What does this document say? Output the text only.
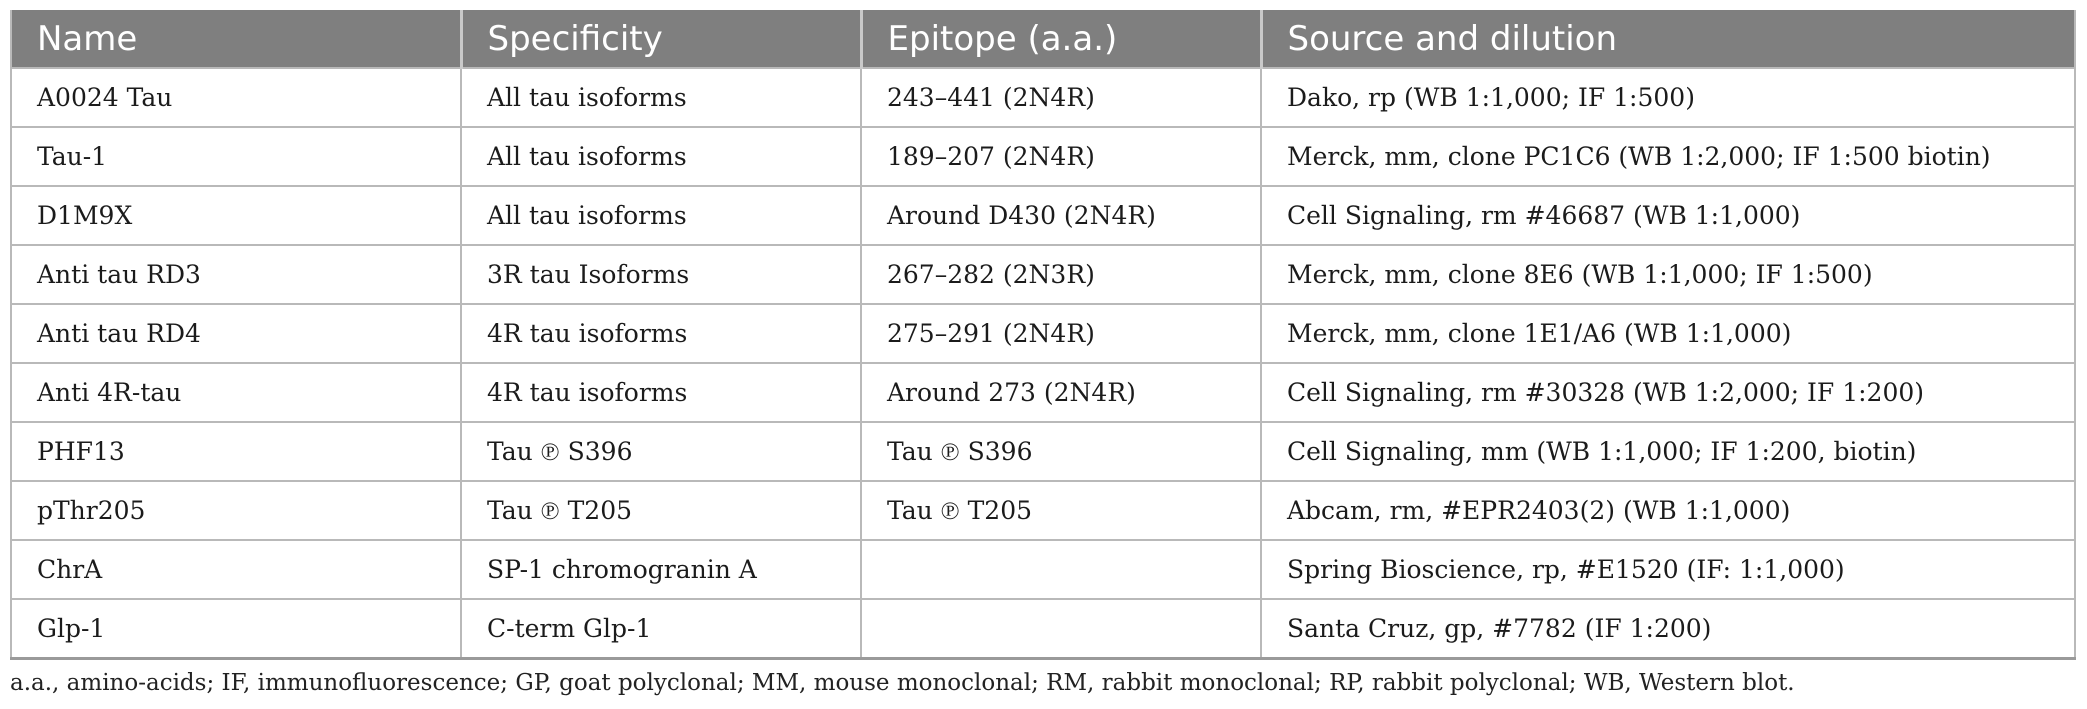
Name	Specificity	Epitope (a.a.)	Source and dilution
A0024 Tau	All tau isoforms	243–441 (2N4R)	Dako, rp (WB 1:1,000; IF 1:500)
Tau-1	All tau isoforms	189–207 (2N4R)	Merck, mm, clone PC1C6 (WB 1:2,000; IF 1:500 biotin)
D1M9X	All tau isoforms	Around D430 (2N4R)	Cell Signaling, rm #46687 (WB 1:1,000)
Anti tau RD3	3R tau Isoforms	267–282 (2N3R)	Merck, mm, clone 8E6 (WB 1:1,000; IF 1:500)
Anti tau RD4	4R tau isoforms	275–291 (2N4R)	Merck, mm, clone 1E1/A6 (WB 1:1,000)
Anti 4R-tau	4R tau isoforms	Around 273 (2N4R)	Cell Signaling, rm #30328 (WB 1:2,000; IF 1:200)
PHF13	Tau ℗ S396	Tau ℗ S396	Cell Signaling, mm (WB 1:1,000; IF 1:200, biotin)
pThr205	Tau ℗ T205	Tau ℗ T205	Abcam, rm, #EPR2403(2) (WB 1:1,000)
ChrA	SP-1 chromogranin A		Spring Bioscience, rp, #E1520 (IF: 1:1,000)
Glp-1	C-term Glp-1		Santa Cruz, gp, #7782 (IF 1:200)
a.a., amino-acids; IF, immunofluorescence; GP, goat polyclonal; MM, mouse monoclonal; RM, rabbit monoclonal; RP, rabbit polyclonal; WB, Western blot.
